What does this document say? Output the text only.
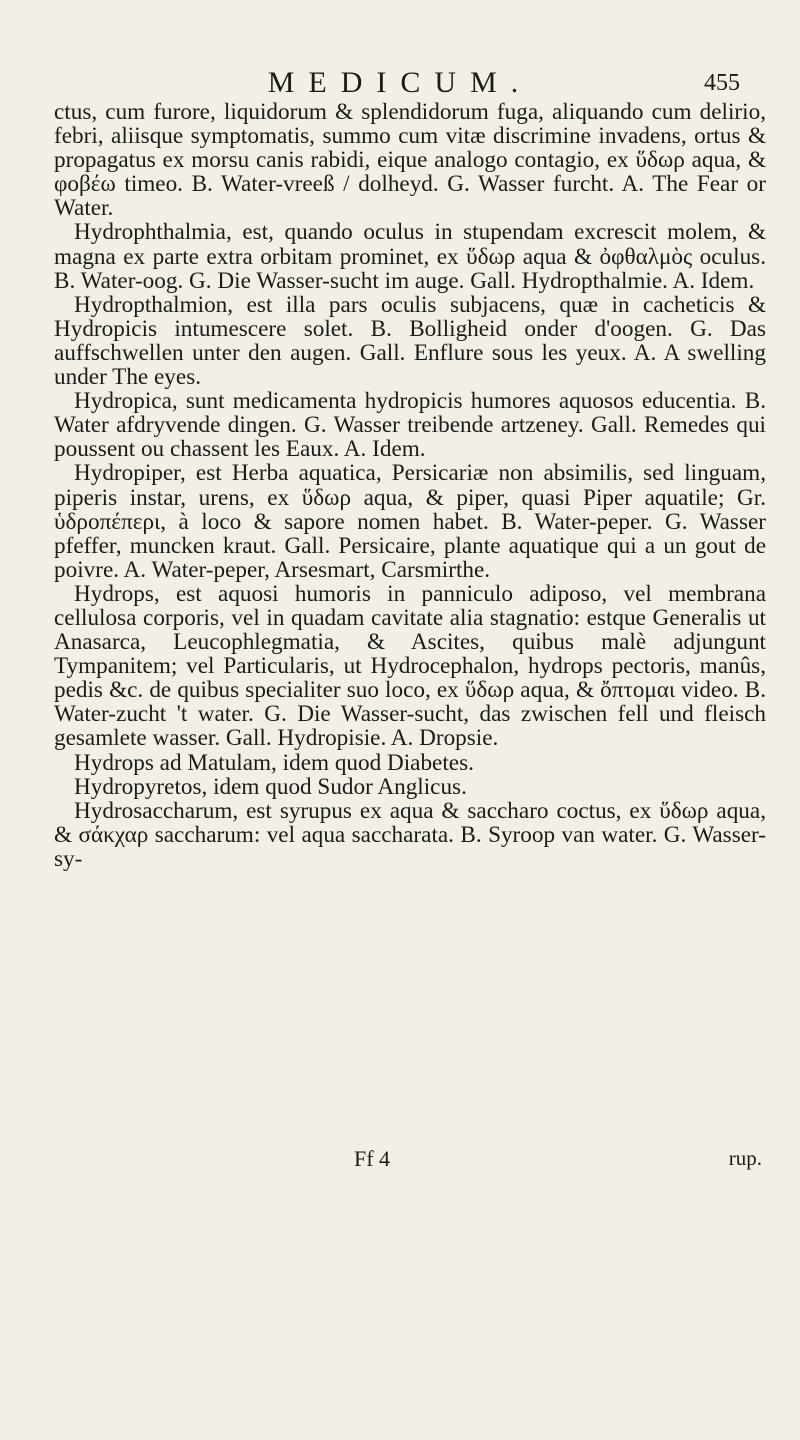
MEDICUM.	455

ctus, cum furore, liquidorum & splendidorum fuga, aliquando cum delirio, febri, aliisque symptomatis, summo cum vitæ discrimine invadens, ortus & propagatus ex morsu canis rabidi, eique analogo contagio, ex ὕδωρ aqua, & φοβέω timeo. B. Water-vreeß / dolheyd. G. Wasser furcht. A. The Fear or Water.

Hydrophthalmia, est, quando oculus in stupendam excrescit molem, & magna ex parte extra orbitam prominet, ex ὕδωρ aqua & ὀφθαλμὸς oculus. B. Water-oog. G. Die Wasser-sucht im auge. Gall. Hydropthalmie. A. Idem.

Hydropthalmion, est illa pars oculis subjacens, quæ in cacheticis & Hydropicis intumescere solet. B. Bolligheid onder d'oogen. G. Das auffschwellen unter den augen. Gall. Enflure sous les yeux. A. A swelling under The eyes.

Hydropica, sunt medicamenta hydropicis humores aquosos educentia. B. Water afdryvende dingen. G. Wasser treibende artzeney. Gall. Remedes qui poussent ou chassent les Eaux. A. Idem.

Hydropiper, est Herba aquatica, Persicariæ non absimilis, sed linguam, piperis instar, urens, ex ὕδωρ aqua, & piper, quasi Piper aquatile; Gr. ὑδροπέπερι, à loco & sapore nomen habet. B. Water-peper. G. Wasser pfeffer, muncken kraut. Gall. Persicaire, plante aquatique qui a un gout de poivre. A. Water-peper, Arsesmart, Carsmirthe.

Hydrops, est aquosi humoris in panniculo adiposo, vel membrana cellulosa corporis, vel in quadam cavitate alia stagnatio: estque Generalis ut Anasarca, Leucophlegmatia, & Ascites, quibus malè adjungunt Tympanitem; vel Particularis, ut Hydrocephalon, hydrops pectoris, manûs, pedis &c. de quibus specialiter suo loco, ex ὕδωρ aqua, & ὄπτομαι video. B. Water-zucht 't water. G. Die Wasser-sucht, das zwischen fell und fleisch gesamlete wasser. Gall. Hydropisie. A. Dropsie.

Hydrops ad Matulam, idem quod Diabetes.

Hydropyretos, idem quod Sudor Anglicus.

Hydrosaccharum, est syrupus ex aqua & saccharo coctus, ex ὕδωρ aqua, & σάκχαρ saccharum: vel aqua saccharata. B. Syroop van water. G. Wasser-sy-

Ff 4	rup.
